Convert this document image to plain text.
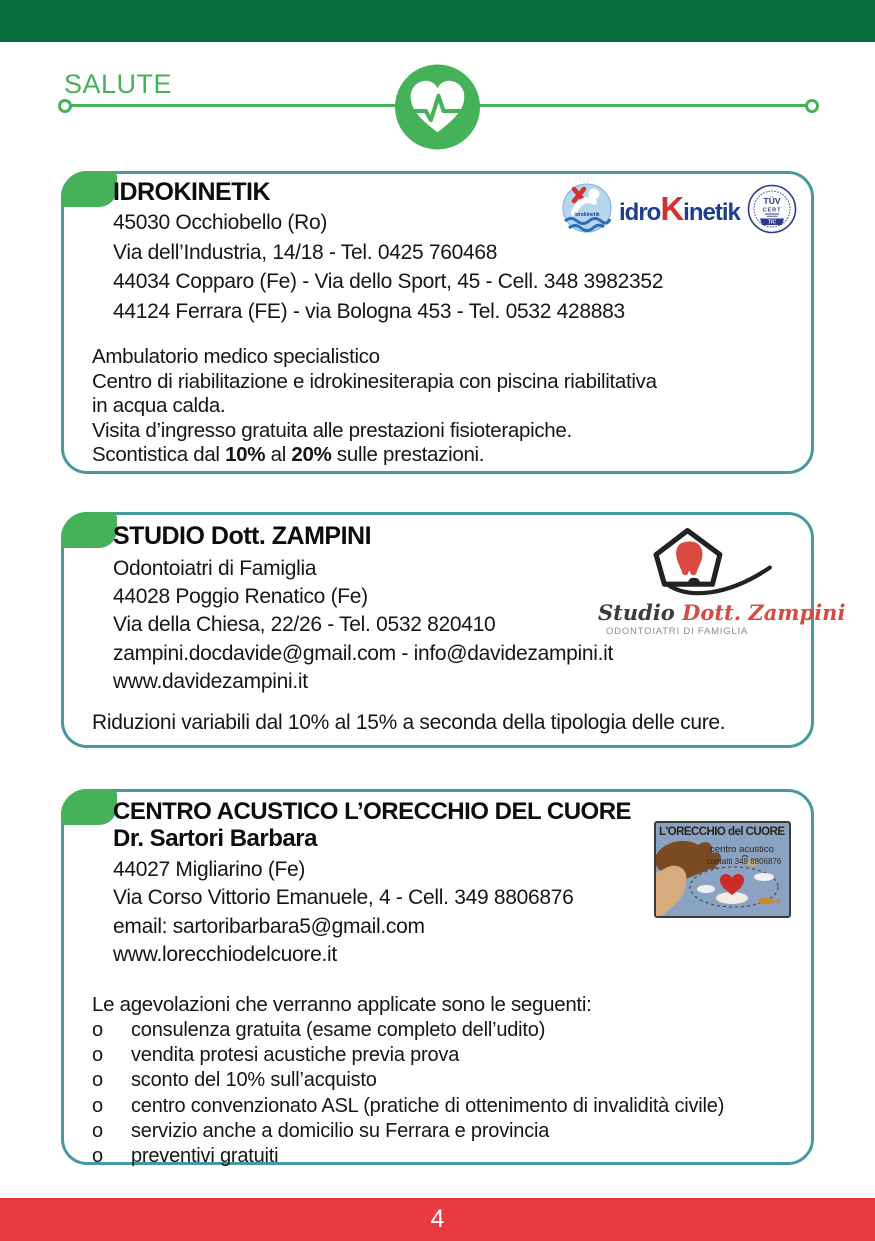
SALUTE
IDROKINETIK
idrokinetik idroKinetik	TÜV
CERT
TIC
45030 Occhiobello (Ro)
Via dell’Industria, 14/18 - Tel. 0425 760468
44034 Copparo (Fe) - Via dello Sport, 45 - Cell. 348 3982352
44124 Ferrara (FE) - via Bologna 453 - Tel. 0532 428883
Ambulatorio medico specialistico
Centro di riabilitazione e idrokinesiterapia con piscina riabilitativa
in acqua calda.
Visita d’ingresso gratuita alle prestazioni fisioterapiche.
Scontistica dal 10% al 20% sulle prestazioni.
STUDIO Dott. ZAMPINI
Studio Dott. Zampini
ODONTOIATRI DI FAMIGLIA
Odontoiatri di Famiglia
44028 Poggio Renatico (Fe)
Via della Chiesa, 22/26 - Tel. 0532 820410
zampini.docdavide@gmail.com - info@davidezampini.it
www.davidezampini.it
Riduzioni variabili dal 10% al 15% a seconda della tipologia delle cure.
CENTRO ACUSTICO L’ORECCHIO DEL CUORE
Dr. Sartori Barbara	L'ORECCHIO del CUORE
centro acustico
contatti 349 8806876
44027 Migliarino (Fe)
Via Corso Vittorio Emanuele, 4 - Cell. 349 8806876
email: sartoribarbara5@gmail.com
www.lorecchiodelcuore.it
Le agevolazioni che verranno applicate sono le seguenti:
o	consulenza gratuita (esame completo dell’udito)
o	vendita protesi acustiche previa prova
o	sconto del 10% sull’acquisto
o	centro convenzionato ASL (pratiche di ottenimento di invalidità civile)
o	servizio anche a domicilio su Ferrara e provincia
o	preventivi gratuiti
4
